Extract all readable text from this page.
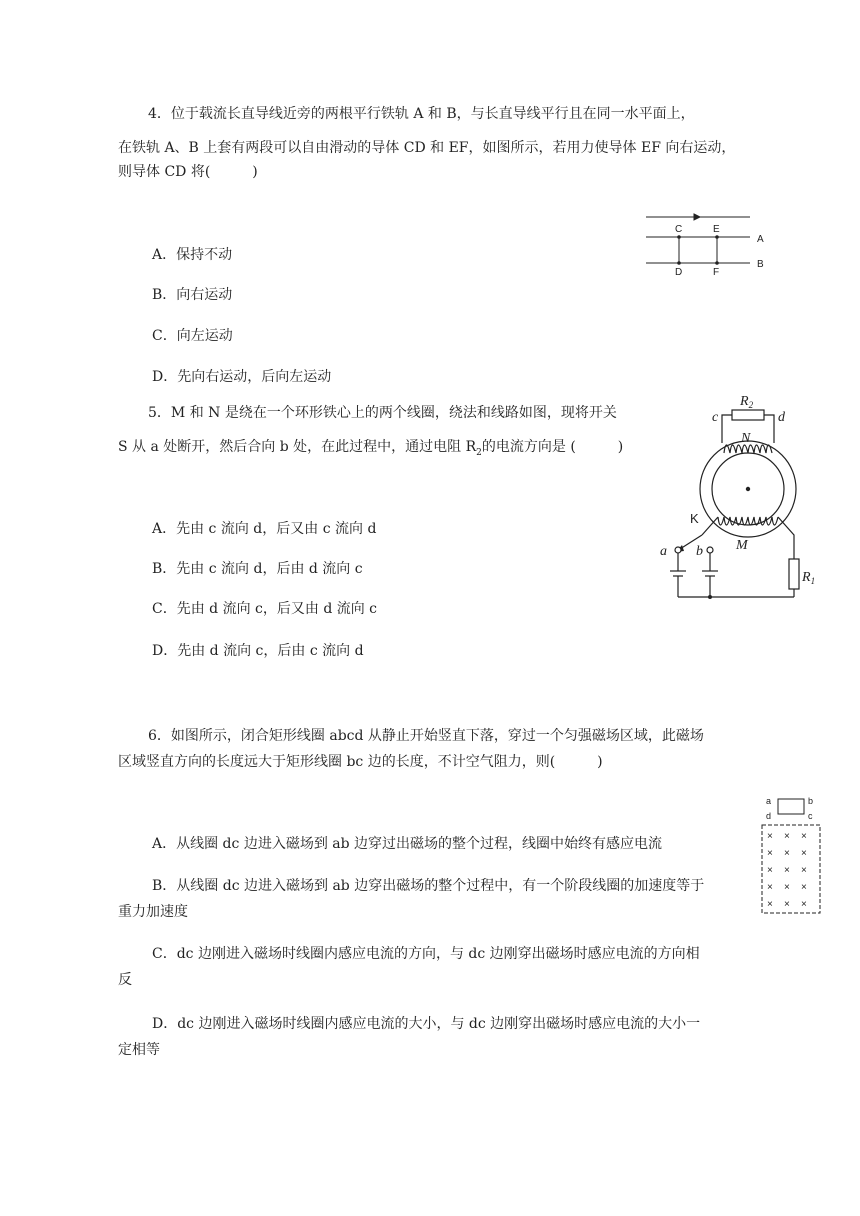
4．位于载流长直导线近旁的两根平行铁轨 A 和 B，与长直导线平行且在同一水平面上，
在铁轨 A、B 上套有两段可以自由滑动的导体 CD 和 EF，如图所示，若用力使导体 EF 向右运动，
则导体 CD 将(　　　)
A．保持不动
B．向右运动
C．向左运动
D．先向右运动，后向左运动
C	E
D	F
A
B
5．M 和 N 是绕在一个环形铁心上的两个线圈，绕法和线路如图，现将开关
S 从 a 处断开，然后合向 b 处，在此过程中，通过电阻 $R_2$的电流方向是 (　　　)
A．先由 c 流向 d，后又由 c 流向 d
B．先由 c 流向 d，后由 d 流向 c
C．先由 d 流向 c，后又由 d 流向 c
D．先由 d 流向 c，后由 c 流向 d
c	d
$R_2$
N
M
K
a b
$R_1$
6．如图所示，闭合矩形线圈 abcd 从静止开始竖直下落，穿过一个匀强磁场区域，此磁场
区域竖直方向的长度远大于矩形线圈 bc 边的长度，不计空气阻力，则(　　　)
A．从线圈 dc 边进入磁场到 ab 边穿过出磁场的整个过程，线圈中始终有感应电流
B．从线圈 dc 边进入磁场到 ab 边穿出磁场的整个过程中，有一个阶段线圈的加速度等于
重力加速度
C．dc 边刚进入磁场时线圈内感应电流的方向，与 dc 边刚穿出磁场时感应电流的方向相
反
D．dc 边刚进入磁场时线圈内感应电流的大小，与 dc 边刚穿出磁场时感应电流的大小一
定相等
a	b
d	c
× × ×
× × ×
× × ×
× × ×
× × ×
